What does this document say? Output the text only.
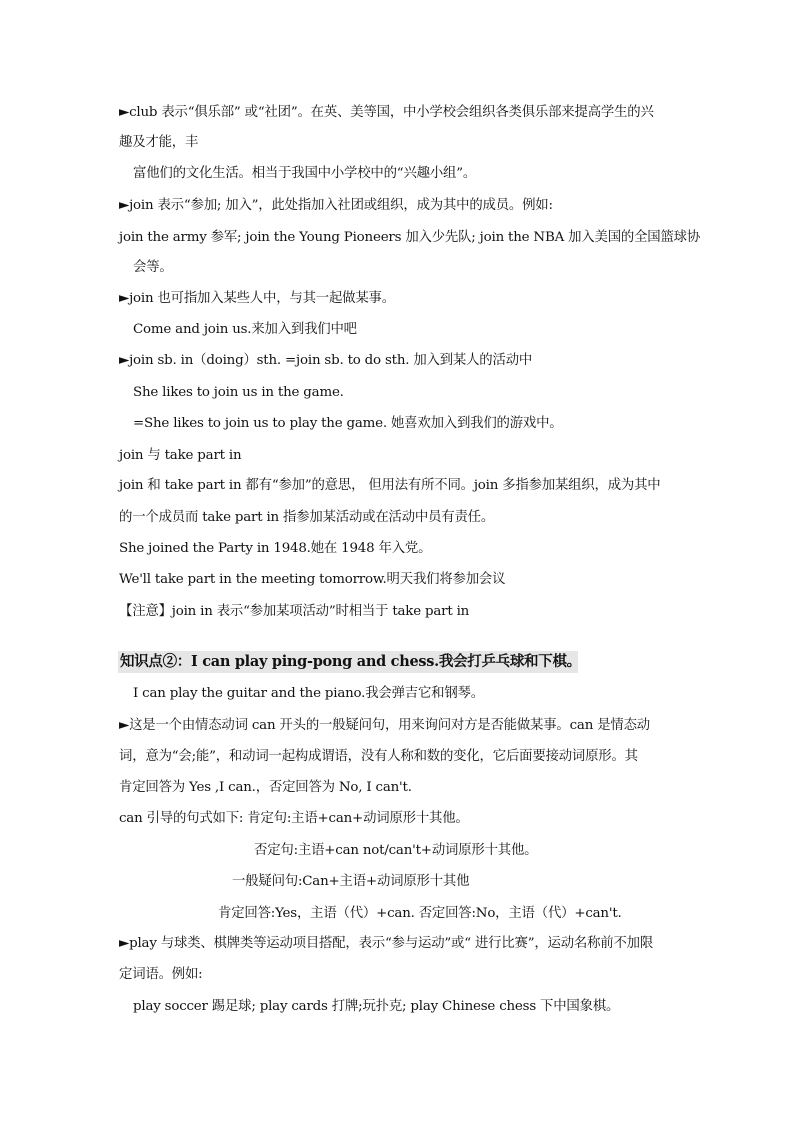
►club 表示“俱乐部” 或“社团”。在英、美等国，中小学校会组织各类俱乐部来提高学生的兴
趣及才能，丰
富他们的文化生活。相当于我国中小学校中的“兴趣小组”。
►join 表示“参加; 加入”，此处指加入社团或组织，成为其中的成员。例如:
join the army 参军; join the Young Pioneers 加入少先队; join the NBA 加入美国的全国篮球协
会等。
►join 也可指加入某些人中，与其一起做某事。
Come and join us.来加入到我们中吧
►join sb. in（doing）sth. =join sb. to do sth. 加入到某人的活动中
She likes to join us in the game.
=She likes to join us to play the game. 她喜欢加入到我们的游戏中。
join 与 take part in
join 和 take part in 都有“参加”的意思， 但用法有所不同。join 多指参加某组织，成为其中
的一个成员而 take part in 指参加某活动或在活动中员有责任。
She joined the Party in 1948.她在 1948 年入党。
We'll take part in the meeting tomorrow.明天我们将参加会议
【注意】join in 表示“参加某项活动”时相当于 take part in
知识点②：I can play ping-pong and chess.我会打乒乓球和下棋。
I can play the guitar and the piano.我会弹吉它和钢琴。
►这是一个由情态动词 can 开头的一般疑问句，用来询问对方是否能做某事。can 是情态动
词，意为“会;能”，和动词一起构成谓语，没有人称和数的变化，它后面要接动词原形。其
肯定回答为 Yes ,I can.，否定回答为 No, I can't.
can 引导的句式如下: 肯定句:主语+can+动词原形十其他。
否定句:主语+can not/can't+动词原形十其他。
一般疑问句:Can+主语+动词原形十其他
肯定回答:Yes，主语（代）+can. 否定回答:No，主语（代）+can't.
►play 与球类、棋牌类等运动项目搭配，表示“参与运动”或“ 进行比赛”，运动名称前不加限
定词语。例如:
play soccer 踢足球; play cards 打牌;玩扑克; play Chinese chess 下中国象棋。
